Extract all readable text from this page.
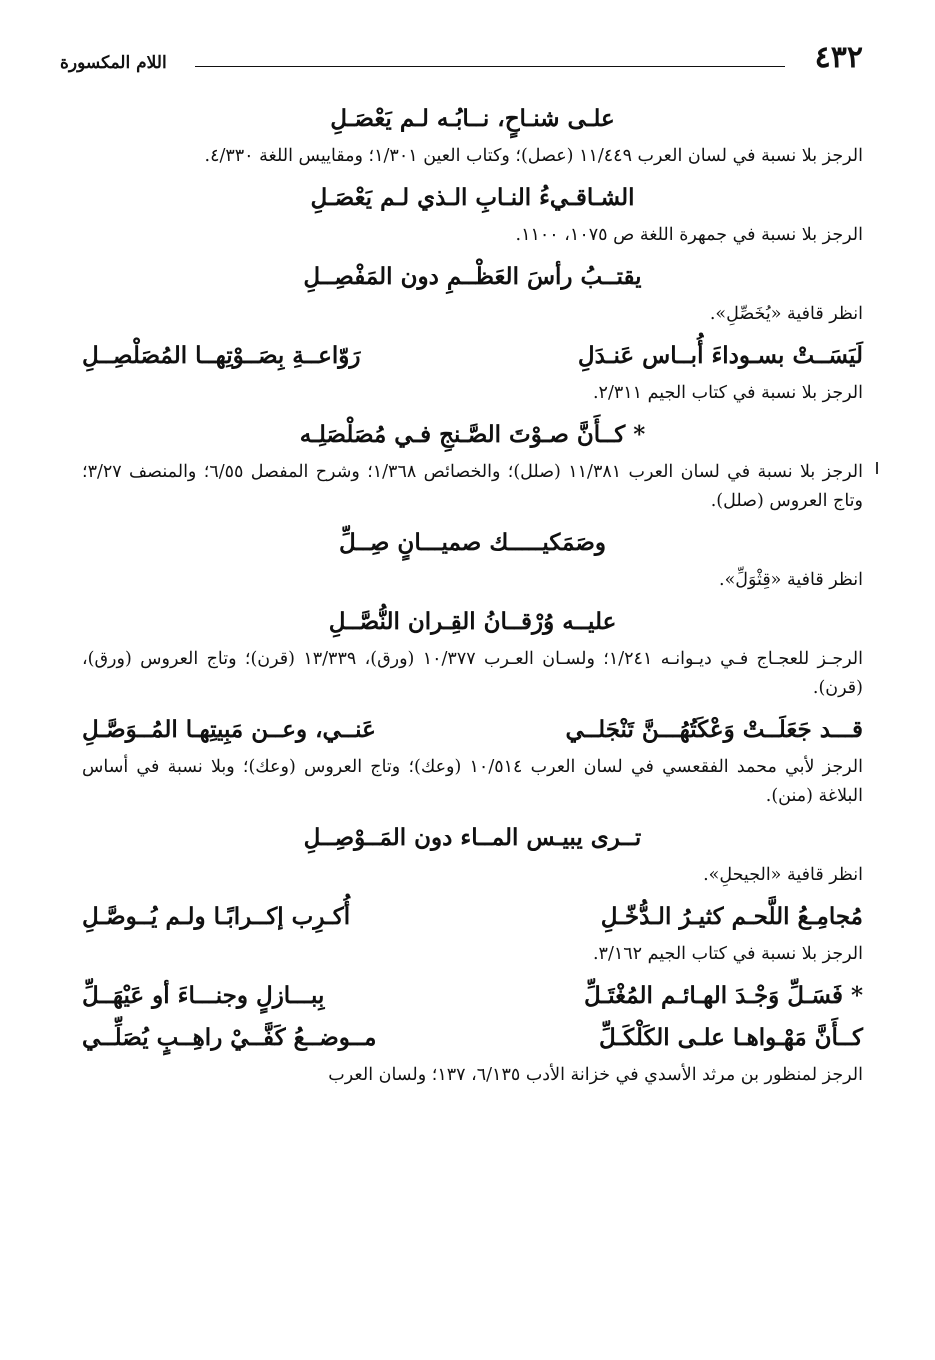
٤٣٢
اللام المكسورة
علـى شنـاحٍ، نــابُـه لـم يَعْصَـلِ
الرجز بلا نسبة في لسان العرب ١١/٤٤٩ (عصل)؛ وكتاب العين ١/٣٠١؛ ومقاييس اللغة ٤/٣٣٠.
الشـاقـيءُ النـابِ الـذي لـم يَعْصَـلِ
الرجز بلا نسبة في جمهرة اللغة ص ١٠٧٥، ١١٠٠.
يقتــبُ رأسَ العَظْــمِ دون المَفْصِــلِ
انظر قافية «يُخَصِّلِ».
لَيَسَــتْ بسـوداءَ أُبــاس عَنـدَلِ
رَوّاعــةِ بِصَــوْتِهــا المُصَلْصِــلِ
الرجز بلا نسبة في كتاب الجيم ٢/٣١١.
* كــأَنَّ صـوْتَ الصَّـنجِ فـي مُصَلْصَلِـه
الرجز بلا نسبة في لسان العرب ١١/٣٨١ (صلل)؛ والخصائص ١/٣٦٨؛ وشرح المفصل ٦/٥٥؛ والمنصف ٣/٢٧؛ وتاج العروس (صلل).
وصَمَكيـــــك صميـــانٍ صِــلِّ
انظر قافية «قِثْوَلِّ».
عليــه وُرْقــانُ القِـران النُّصَّــلِ
الرجـز للعجـاج فـي ديـوانـه ١/٢٤١؛ ولسـان العـرب ١٠/٣٧٧ (ورق)، ١٣/٣٣٩ (قرن)؛ وتاج العروس (ورق)، (قرن).
قـــد جَعَلَــتْ وَعْكَتُهُـــنَّ تَنْجَلــي
عَنــي، وعــن مَبِيتِهـا المُــوَصَّـلِ
الرجز لأبي محمد الفقعسي في لسان العرب ١٠/٥١٤ (وعك)؛ وتاج العروس (وعك)؛ وبلا نسبة في أساس البلاغة (منن).
تــرى يبيـس المــاء دون المَــوْصِــلِ
انظر قافية «الجيحلِ».
مُجامِـعُ اللَّحـم كثيـرُ الـدُّخّـلِ
أُكـرِب إكــرابًـا ولـم يُــوصَّـلِ
الرجز بلا نسبة في كتاب الجيم ٣/١٦٢.
* فَسَـلِّ وَجْـدَ الهـائـم المُغْتَـلِّ
بِبـــازلٍ وجنـــاءَ أو عَيْهَــلِّ
كــأَنَّ مَهْـواهـا علـى الكَلْكَـلِّ
مــوضــعُ كَفَّــيْ راهِــبٍ يُصَلِّــي
الرجز لمنظور بن مرثد الأسدي في خزانة الأدب ٦/١٣٥، ١٣٧؛ ولسان العرب
